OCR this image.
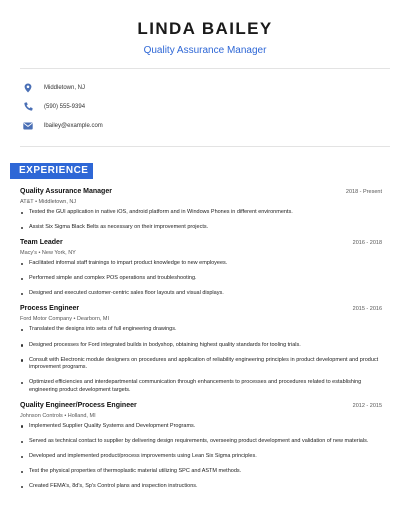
LINDA BAILEY
Quality Assurance Manager
Middletown, NJ
(590) 555-9394
lbailey@example.com
EXPERIENCE
Quality Assurance Manager	2018 - Present
AT&T • Middletown, NJ
Tested the GUI application in native iOS, android platform and in Windows Phones in different environments.
Assist Six Sigma Black Belts as necessary on their improvement projects.
Team Leader	2016 - 2018
Macy's • New York, NY
Facilitated informal staff trainings to impart product knowledge to new employees.
Performed simple and complex POS operations and troubleshooting.
Designed and executed customer-centric sales floor layouts and visual displays.
Process Engineer	2015 - 2016
Ford Motor Company • Dearborn, MI
Translated the designs into sets of full engineering drawings.
Designed processes for Ford integrated builds in bodyshop, obtaining highest quality standards for tooling trials.
Consult with Electronic module designers on procedures and application of reliability engineering principles in product development and product improvement programs.
Optimized efficiencies and interdepartmental communication through enhancements to processes and procedures related to establishing engineering product development targets.
Quality Engineer/Process Engineer	2012 - 2015
Johnson Controls • Holland, MI
Implemented Supplier Quality Systems and Development Programs.
Served as technical contact to supplier by delivering design requirements, overseeing product development and validation of new materials.
Developed and implemented product/process improvements using Lean Six Sigma principles.
Test the physical properties of thermoplastic material utilizing SPC and ASTM methods.
Created FEMA's, 8d's, Sp's Control plans and inspection instructions.
